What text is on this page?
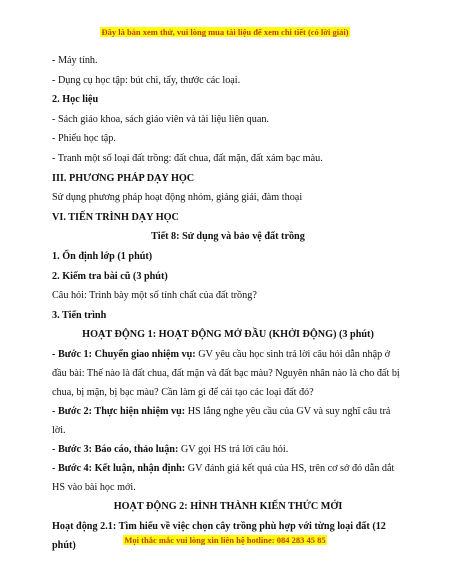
Đây là bản xem thử, vui lòng mua tài liệu để xem chi tiết (có lời giải)
- Máy tính.
- Dụng cụ học tập: bút chì, tẩy, thước các loại.
2. Học liệu
- Sách giáo khoa, sách giáo viên và tài liệu liên quan.
- Phiếu học tập.
- Tranh một số loại đất trồng: đất chua, đất mặn, đất xám bạc màu.
III. PHƯƠNG PHÁP DẠY HỌC
Sử dụng phương pháp hoạt động nhóm, giảng giải, đàm thoại
VI. TIẾN TRÌNH DẠY HỌC
Tiết 8: Sử dụng và bảo vệ đất trồng
1. Ổn định lớp (1 phút)
2. Kiểm tra bài cũ (3 phút)
Câu hỏi: Trình bày một số tính chất của đất trồng?
3. Tiến trình
HOẠT ĐỘNG 1: HOẠT ĐỘNG MỞ ĐẦU (KHỞI ĐỘNG) (3 phút)
- Bước 1: Chuyển giao nhiệm vụ: GV yêu cầu học sinh trả lời câu hỏi dẫn nhập ở đầu bài: Thế nào là đất chua, đất mặn và đất bạc màu? Nguyên nhân nào là cho đất bị chua, bị mặn, bị bạc màu? Cần làm gì để cải tạo các loại đất đó?
- Bước 2: Thực hiện nhiệm vụ: HS lắng nghe yêu cầu của GV và suy nghĩ câu trả lời.
- Bước 3: Báo cáo, thảo luận: GV gọi HS trả lời câu hỏi.
- Bước 4: Kết luận, nhận định: GV đánh giá kết quả của HS, trên cơ sở đó dẫn dắt HS vào bài học mới.
HOẠT ĐỘNG 2: HÌNH THÀNH KIẾN THỨC MỚI
Hoạt động 2.1: Tìm hiểu về việc chọn cây trồng phù hợp với từng loại đất (12 phút)	Mọi thắc mắc vui lòng xin liên hệ hotline: 084 283 45 85
